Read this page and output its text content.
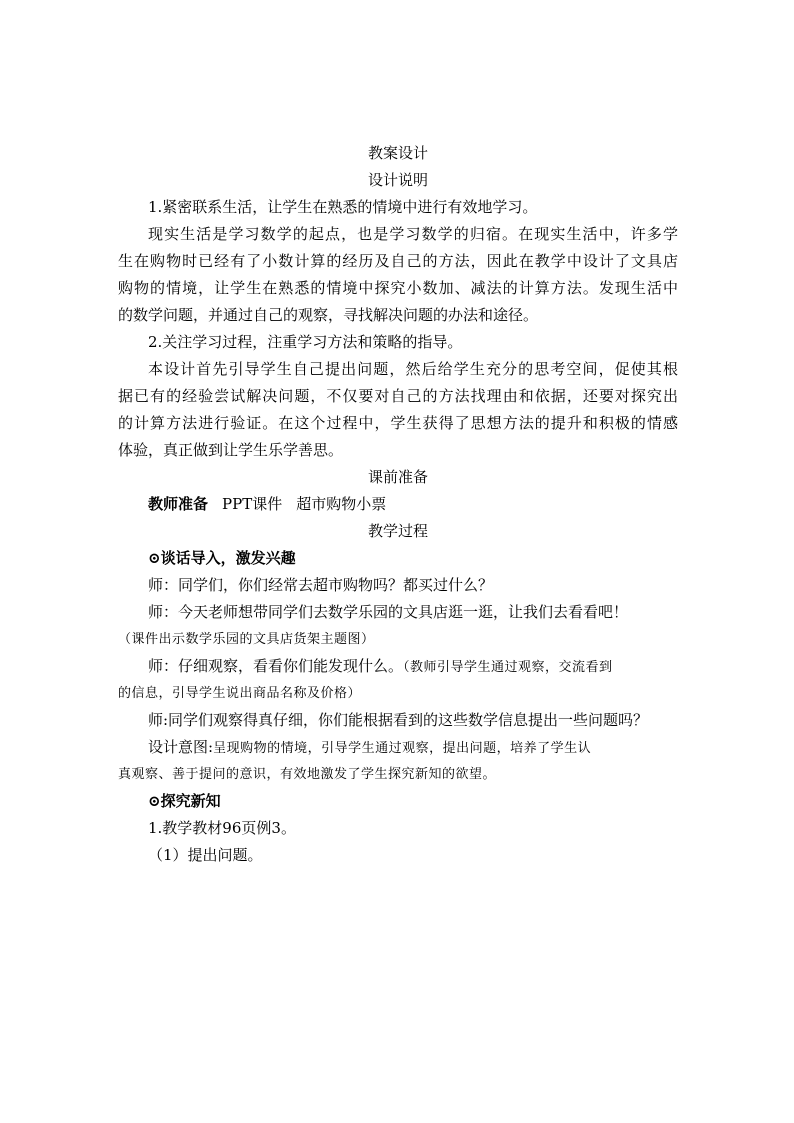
教案设计
设计说明
1.紧密联系生活，让学生在熟悉的情境中进行有效地学习。
现实生活是学习数学的起点，也是学习数学的归宿。在现实生活中，许多学
生在购物时已经有了小数计算的经历及自己的方法，因此在教学中设计了文具店
购物的情境，让学生在熟悉的情境中探究小数加、减法的计算方法。发现生活中
的数学问题，并通过自己的观察，寻找解决问题的办法和途径。
2.关注学习过程，注重学习方法和策略的指导。
本设计首先引导学生自己提出问题，然后给学生充分的思考空间，促使其根
据已有的经验尝试解决问题，不仅要对自己的方法找理由和依据，还要对探究出
的计算方法进行验证。在这个过程中，学生获得了思想方法的提升和积极的情感
体验，真正做到让学生乐学善思。
课前准备
教师准备 PPT课件 超市购物小票
教学过程
⊙谈话导入，激发兴趣
师：同学们，你们经常去超市购物吗？都买过什么？
师：今天老师想带同学们去数学乐园的文具店逛一逛，让我们去看看吧！
（课件出示数学乐园的文具店货架主题图）
师：仔细观察，看看你们能发现什么。（教师引导学生通过观察，交流看到
的信息，引导学生说出商品名称及价格）
师:同学们观察得真仔细，你们能根据看到的这些数学信息提出一些问题吗？
设计意图:呈现购物的情境，引导学生通过观察，提出问题，培养了学生认
真观察、善于提问的意识，有效地激发了学生探究新知的欲望。
⊙探究新知
1.教学教材96页例3。
（1）提出问题。
